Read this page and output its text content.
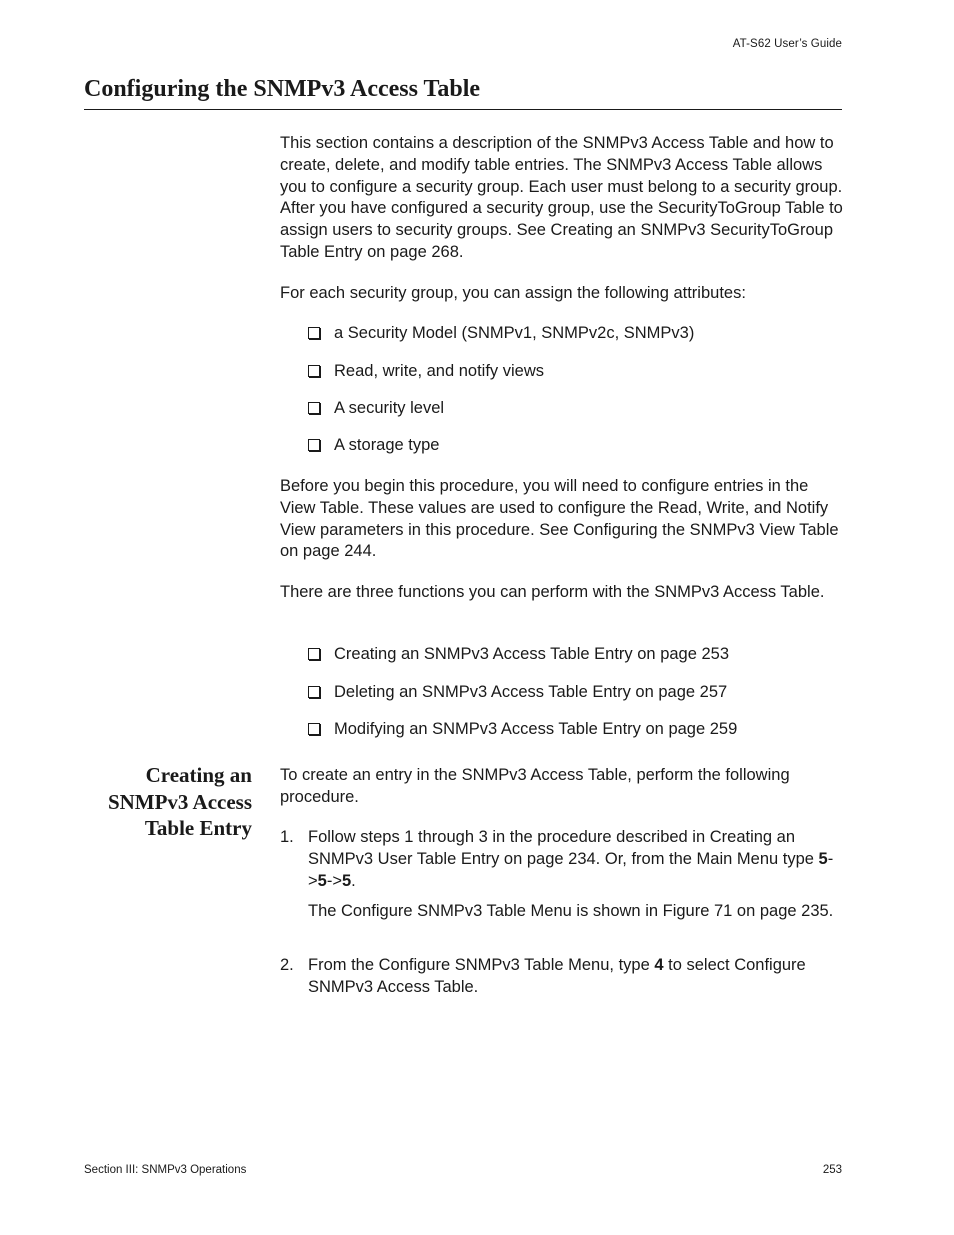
AT-S62 User’s Guide
Configuring the SNMPv3 Access Table

This section contains a description of the SNMPv3 Access Table and how to create, delete, and modify table entries. The SNMPv3 Access Table allows you to configure a security group. Each user must belong to a security group. After you have configured a security group, use the SecurityToGroup Table to assign users to security groups. See Creating an SNMPv3 SecurityToGroup Table Entry on page 268.

For each security group, you can assign the following attributes:

a Security Model (SNMPv1, SNMPv2c, SNMPv3)
Read, write, and notify views
A security level
A storage type

Before you begin this procedure, you will need to configure entries in the View Table. These values are used to configure the Read, Write, and Notify View parameters in this procedure. See Configuring the SNMPv3 View Table on page 244.

There are three functions you can perform with the SNMPv3 Access Table.

Creating an SNMPv3 Access Table Entry on page 253
Deleting an SNMPv3 Access Table Entry on page 257
Modifying an SNMPv3 Access Table Entry on page 259
Creating an SNMPv3 Access Table Entry

To create an entry in the SNMPv3 Access Table, perform the following procedure.

1. Follow steps 1 through 3 in the procedure described in Creating an SNMPv3 User Table Entry on page 234. Or, from the Main Menu type 5->5->5.
The Configure SNMPv3 Table Menu is shown in Figure 71 on page 235.
2. From the Configure SNMPv3 Table Menu, type 4 to select Configure SNMPv3 Access Table.
Section III: SNMPv3 Operations	253
